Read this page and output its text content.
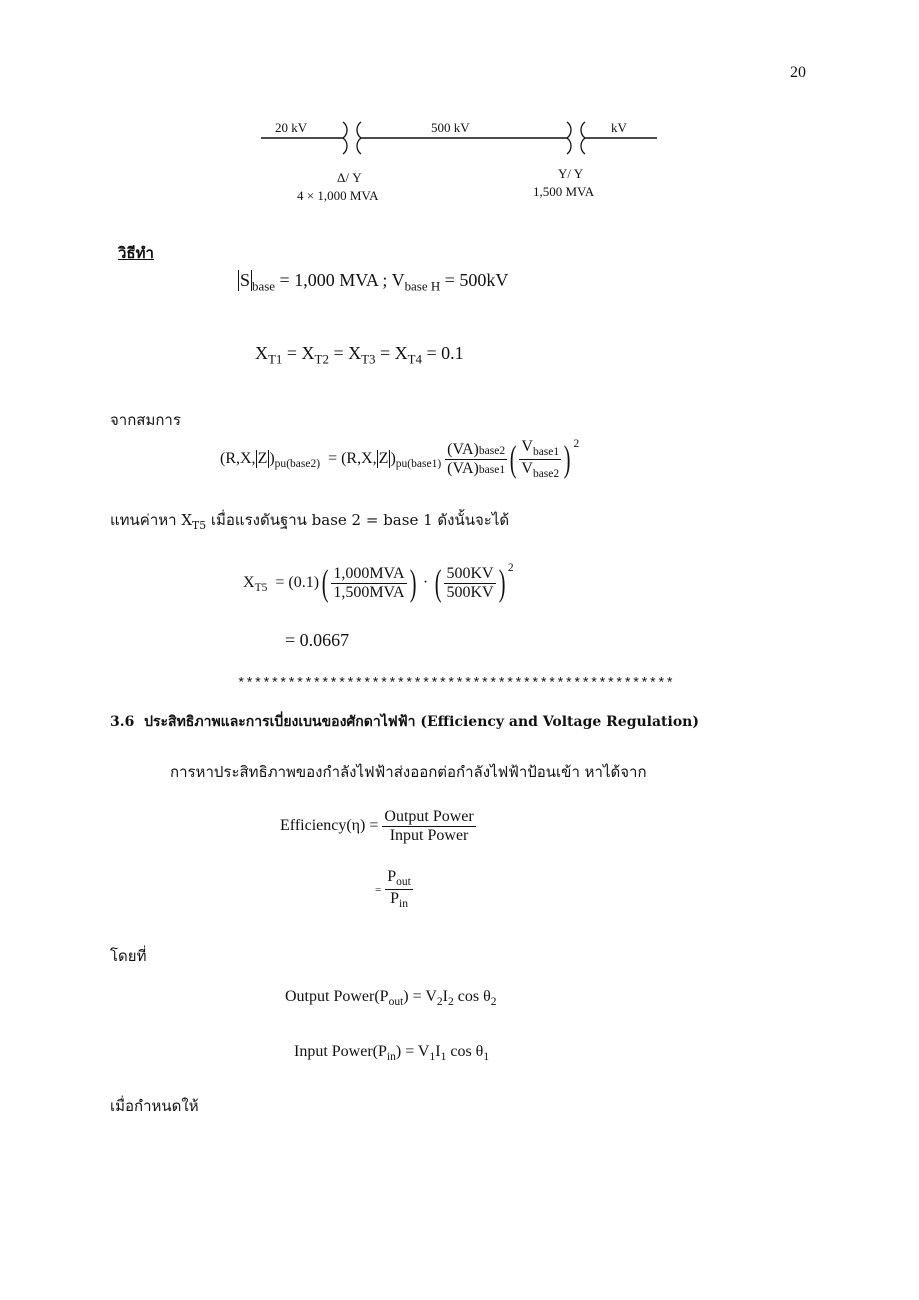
20
20 kV	500 kV	kV
Δ/ Y
4 × 1,000 MVA
Y/ Y
1,500 MVA
วิธีทำ
S $_{base}$ = 1,000 MVA ; $V_{base H} = 500kV$
$X_{T1} = X_{T2} = X_{T3} = X_{T4} = 0.1$
จากสมการ
(R,X, Z )$_{pu(base2)} = (R,X$, Z )$_{pu(base1)} \frac{\text{(VA)base2}}{\text{(VA)base1}}$ ( $\frac{V_{base1}}{V_{base2}}$ ) $^2$
แทนค่าหา $X_{T5}$ เมื่อแรงดันฐาน base 2 = base 1 ดังนั้นจะได้
$X_{T5} = (0.1)( \frac{\text{1,000MVA}}{\text{1,500MVA}}$ ) · ( $\frac{500KV}{500KV}$ ) $^2$
= 0.0667
****************************************************
3.6 ประสิทธิภาพและการเบี่ยงเบนของศักดาไฟฟ้า (Efficiency and Voltage Regulation)
การหาประสิทธิภาพของกำลังไฟฟ้าส่งออกต่อกำลังไฟฟ้าป้อนเข้า หาได้จาก
Efficiency(η) = $\frac{\text{Output Power}}{\text{Input Power}}$
= $\frac{P_{out}}{P_{in}}$
โดยที่
Output $Power(P_{out}) = V_2I_2$ $\cos \theta_2$
Input $Power(P_{in}) = V_1I_1$ $\cos \theta_1$
เมื่อกำหนดให้
